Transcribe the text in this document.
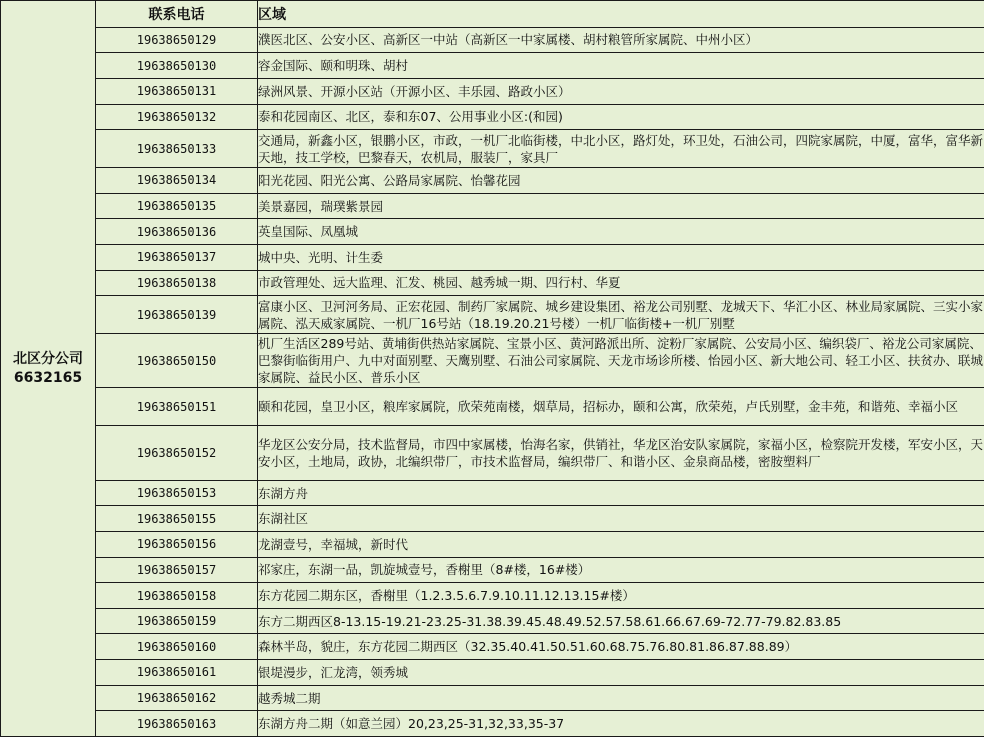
北区分公司
6632165	联系电话	区域
	19638650129	濮医北区、公安小区、高新区一中站（高新区一中家属楼、胡村粮管所家属院、中州小区）
	19638650130	容金国际、颐和明珠、胡村
	19638650131	绿洲风景、开源小区站（开源小区、丰乐园、路政小区）
	19638650132	泰和花园南区、北区，泰和东07、公用事业小区:(和园)
	19638650133	交通局，新鑫小区，银鹏小区，市政，一机厂北临街楼，中北小区，路灯处，环卫处，石油公司，四院家属院，中厦，富华，富华新天地，技工学校，巴黎春天，农机局，服装厂，家具厂
	19638650134	阳光花园、阳光公寓、公路局家属院、怡馨花园
	19638650135	美景嘉园，瑞璞紫景园
	19638650136	英皇国际、凤凰城
	19638650137	城中央、光明、计生委
	19638650138	市政管理处、远大监理、汇发、桃园、越秀城一期、四行村、华夏
	19638650139	富康小区、卫河河务局、正宏花园、制药厂家属院、城乡建设集团、裕龙公司别墅、龙城天下、华汇小区、林业局家属院、三实小家属院、泓天威家属院、一机厂16号站（18.19.20.21号楼）一机厂临街楼+一机厂别墅
	19638650150	机厂生活区289号站、黄埔街供热站家属院、宝景小区、黄河路派出所、淀粉厂家属院、公安局小区、编织袋厂、裕龙公司家属院、巴黎街临街用户、九中对面别墅、天鹰别墅、石油公司家属院、天龙市场诊所楼、怡园小区、新大地公司、轻工小区、扶贫办、联城家属院、益民小区、普乐小区
	19638650151	颐和花园，皇卫小区，粮库家属院，欣荣苑南楼，烟草局，招标办，颐和公寓，欣荣苑，卢氏别墅，金丰苑，和谐苑、幸福小区
	19638650152	华龙区公安分局，技术监督局，市四中家属楼，怡海名家，供销社，华龙区治安队家属院，家福小区，检察院开发楼，军安小区，天安小区，土地局，政协，北编织带厂，市技术监督局，编织带厂、和谐小区、金泉商品楼，密胺塑料厂
	19638650153	东湖方舟
	19638650155	东湖社区
	19638650156	龙湖壹号，幸福城，新时代
	19638650157	祁家庄，东湖一品，凯旋城壹号，香榭里（8#楼，16#楼）
	19638650158	东方花园二期东区，香榭里（1.2.3.5.6.7.9.10.11.12.13.15#楼）
	19638650159	东方二期西区8-13.15-19.21-23.25-31.38.39.45.48.49.52.57.58.61.66.67.69-72.77-79.82.83.85
	19638650160	森林半岛，貌庄，东方花园二期西区（32.35.40.41.50.51.60.68.75.76.80.81.86.87.88.89）
	19638650161	银堤漫步，汇龙湾，领秀城
	19638650162	越秀城二期
	19638650163	东湖方舟二期（如意兰园）20,23,25-31,32,33,35-37
